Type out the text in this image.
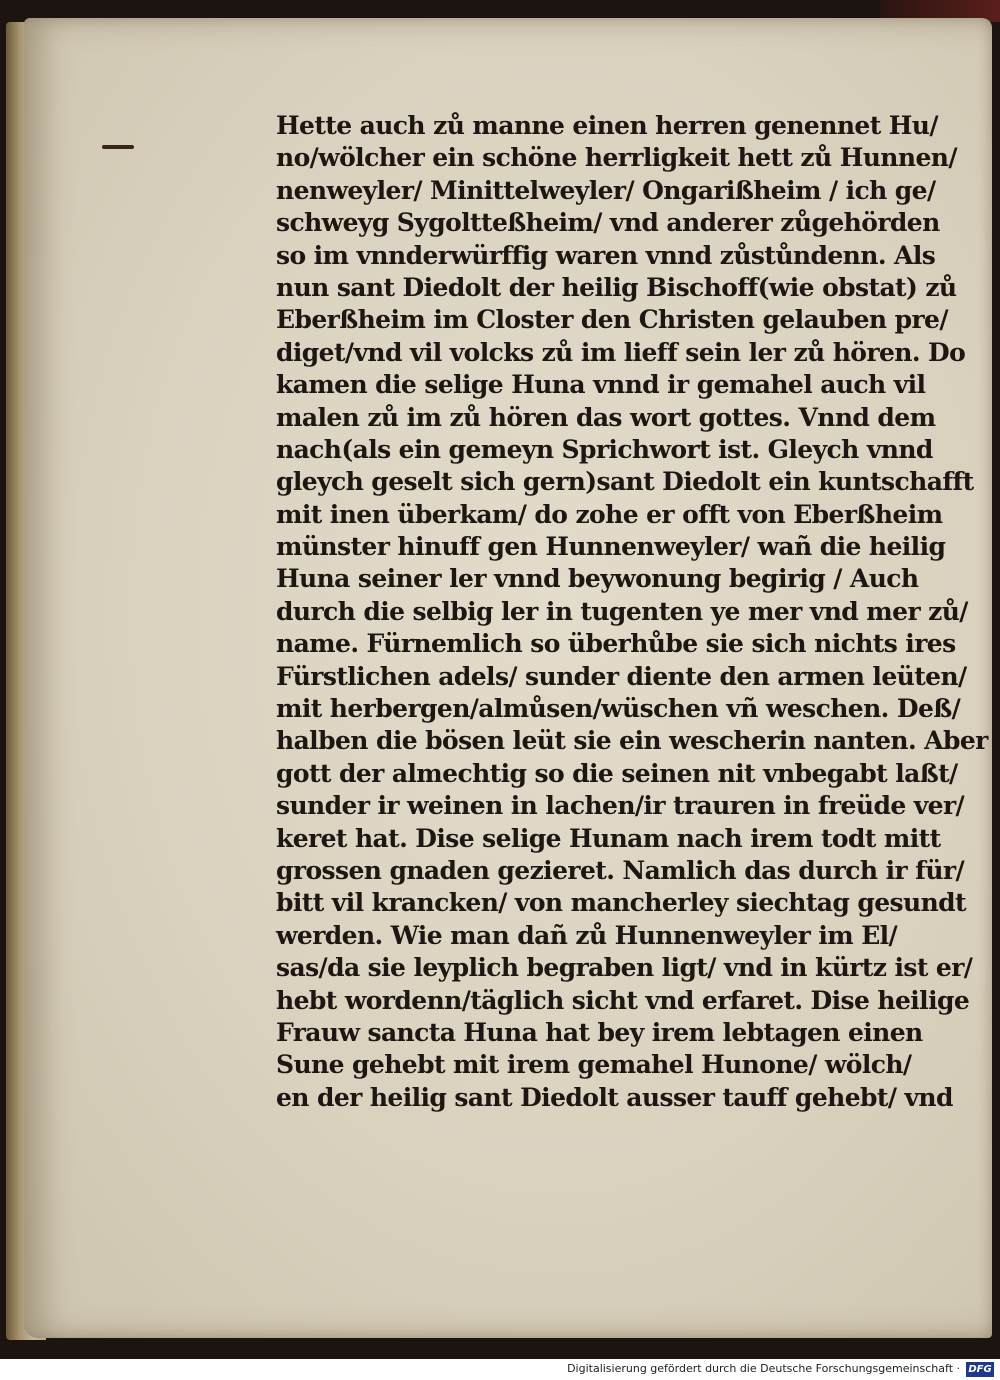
Hette auch zů manne einen herren genennet Hu/
no/wölcher ein schöne herrligkeit hett zů Hunnen/
nenweyler/ Minittelweyler/ Ongarißheim / ich ge/
schweyg Sygoltteßheim/ vnd anderer zůgehörden
so im vnnderwürffig waren vnnd zůstůndenn. Als
nun sant Diedolt der heilig Bischoff(wie obstat) zů
Eberßheim im Closter den Christen gelauben pre/
diget/vnd vil volcks zů im lieff sein ler zů hören. Do
kamen die selige Huna vnnd ir gemahel auch vil
malen zů im zů hören das wort gottes. Vnnd dem
nach(als ein gemeyn Sprichwort ist. Gleych vnnd
gleych geselt sich gern)sant Diedolt ein kuntschafft
mit inen überkam/ do zohe er offt von Eberßheim
münster hinuff gen Hunnenweyler/ wañ die heilig
Huna seiner ler vnnd beywonung begirig / Auch
durch die selbig ler in tugenten ye mer vnd mer zů/
name. Fürnemlich so überhůbe sie sich nichts ires
Fürstlichen adels/ sunder diente den armen leüten/
mit herbergen/almůsen/wüschen vñ weschen. Deß/
halben die bösen leüt sie ein wescherin nanten. Aber
gott der almechtig so die seinen nit vnbegabt laßt/
sunder ir weinen in lachen/ir trauren in freüde ver/
keret hat. Dise selige Hunam nach irem todt mitt
grossen gnaden gezieret. Namlich das durch ir für/
bitt vil krancken/ von mancherley siechtag gesundt
werden. Wie man dañ zů Hunnenweyler im El/
sas/da sie leyplich begraben ligt/ vnd in kürtz ist er/
hebt wordenn/täglich sicht vnd erfaret. Dise heilige
Frauw sancta Huna hat bey irem lebtagen einen
Sune gehebt mit irem gemahel Hunone/ wölch/
en der heilig sant Diedolt ausser tauff gehebt/ vnd
Digitalisierung gefördert durch die Deutsche Forschungsgemeinschaft · DFG
